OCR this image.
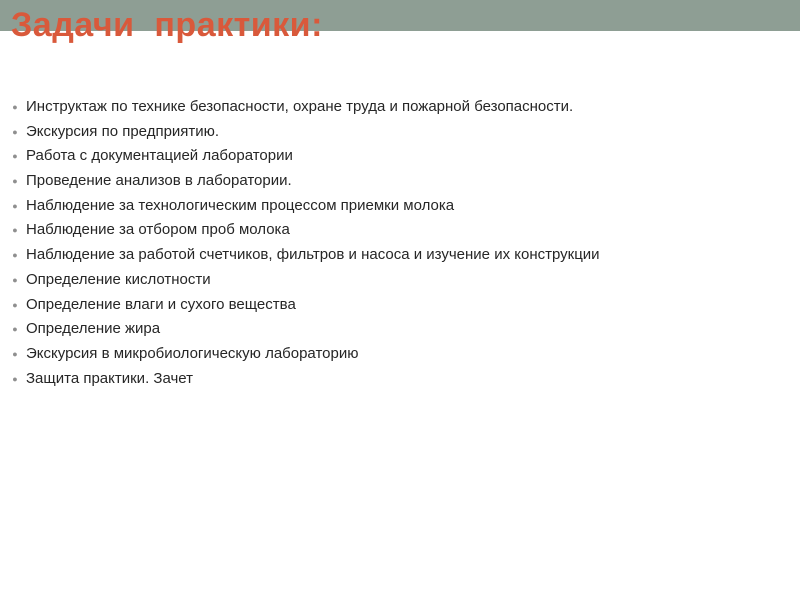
Задачи  практики:
● Инструктаж по технике безопасности, охране труда и пожарной безопасности.
● Экскурсия по предприятию.
● Работа с документацией лаборатории
● Проведение анализов в лаборатории.
● Наблюдение за технологическим процессом приемки молока
● Наблюдение за отбором проб молока
● Наблюдение за работой счетчиков, фильтров и насоса и изучение их конструкции
● Определение кислотности
● Определение влаги и сухого вещества
● Определение жира
● Экскурсия в микробиологическую лабораторию
● Защита практики. Зачет
